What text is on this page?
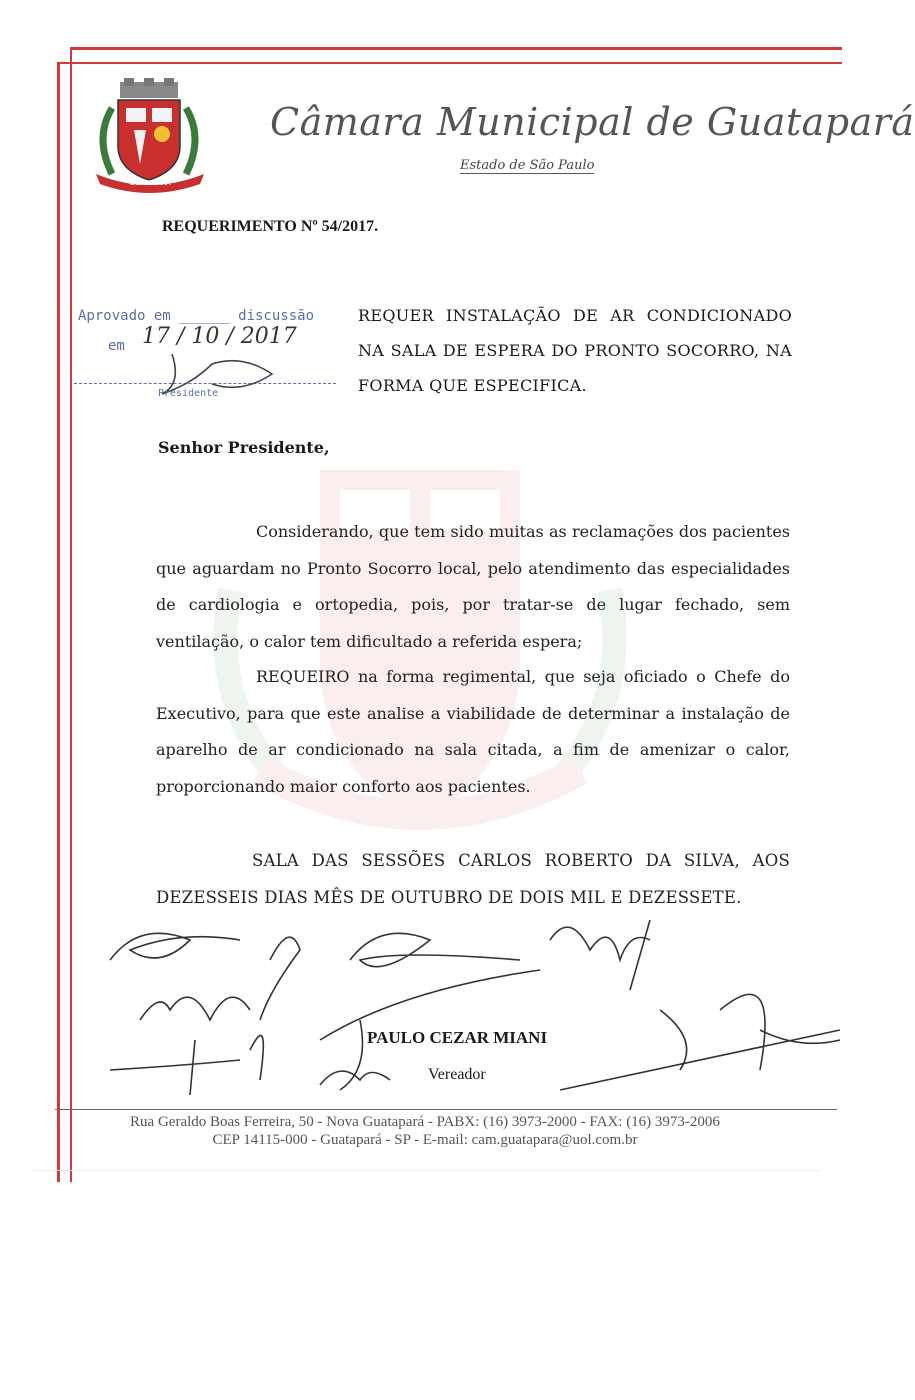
GUATAPARÁ
Câmara Municipal de Guatapará
Estado de São Paulo
REQUERIMENTO Nº 54/2017.
Aprovado em ______ discussão
em 17 / 10 / 2017
Presidente
REQUER INSTALAÇÃO DE AR CONDICIONADO NA SALA DE ESPERA DO PRONTO SOCORRO, NA FORMA QUE ESPECIFICA.
Senhor Presidente,
Considerando, que tem sido muitas as reclamações dos pacientes que aguardam no Pronto Socorro local, pelo atendimento das especialidades de cardiologia e ortopedia, pois, por tratar-se de lugar fechado, sem ventilação, o calor tem dificultado a referida espera;
REQUEIRO na forma regimental, que seja oficiado o Chefe do Executivo, para que este analise a viabilidade de determinar a instalação de aparelho de ar condicionado na sala citada, a fim de amenizar o calor, proporcionando maior conforto aos pacientes.
SALA DAS SESSÕES CARLOS ROBERTO DA SILVA, AOS DEZESSEIS DIAS MÊS DE OUTUBRO DE DOIS MIL E DEZESSETE.
PAULO CEZAR MIANI
Vereador
Rua Geraldo Boas Ferreira, 50 - Nova Guatapará - PABX: (16) 3973-2000 - FAX: (16) 3973-2006
CEP 14115-000 - Guatapará - SP - E-mail: cam.guatapara@uol.com.br
